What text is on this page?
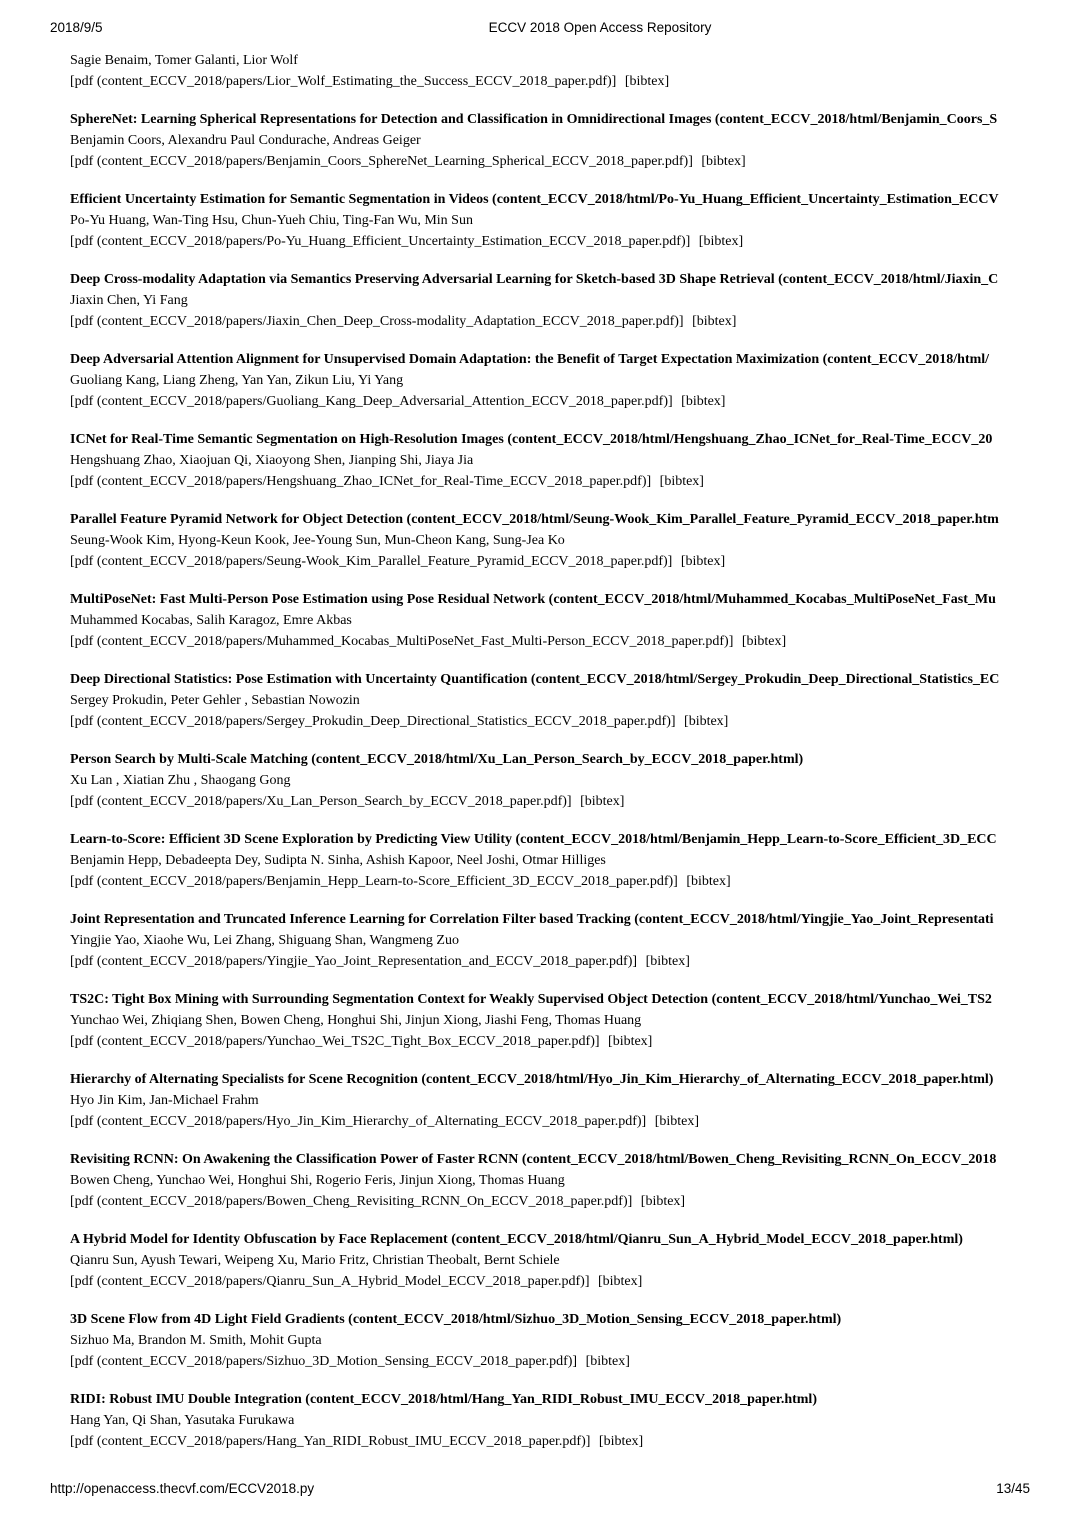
2018/9/5	ECCV 2018 Open Access Repository
Sagie Benaim, Tomer Galanti, Lior Wolf
[pdf (content_ECCV_2018/papers/Lior_Wolf_Estimating_the_Success_ECCV_2018_paper.pdf)] [bibtex]
SphereNet: Learning Spherical Representations for Detection and Classification in Omnidirectional Images (content_ECCV_2018/html/Benjamin_Coors_S
Benjamin Coors, Alexandru Paul Condurache, Andreas Geiger
[pdf (content_ECCV_2018/papers/Benjamin_Coors_SphereNet_Learning_Spherical_ECCV_2018_paper.pdf)] [bibtex]
Efficient Uncertainty Estimation for Semantic Segmentation in Videos (content_ECCV_2018/html/Po-Yu_Huang_Efficient_Uncertainty_Estimation_ECCV
Po-Yu Huang, Wan-Ting Hsu, Chun-Yueh Chiu, Ting-Fan Wu, Min Sun
[pdf (content_ECCV_2018/papers/Po-Yu_Huang_Efficient_Uncertainty_Estimation_ECCV_2018_paper.pdf)] [bibtex]
Deep Cross-modality Adaptation via Semantics Preserving Adversarial Learning for Sketch-based 3D Shape Retrieval (content_ECCV_2018/html/Jiaxin_C
Jiaxin Chen, Yi Fang
[pdf (content_ECCV_2018/papers/Jiaxin_Chen_Deep_Cross-modality_Adaptation_ECCV_2018_paper.pdf)] [bibtex]
Deep Adversarial Attention Alignment for Unsupervised Domain Adaptation: the Benefit of Target Expectation Maximization (content_ECCV_2018/html/
Guoliang Kang, Liang Zheng, Yan Yan, Zikun Liu, Yi Yang
[pdf (content_ECCV_2018/papers/Guoliang_Kang_Deep_Adversarial_Attention_ECCV_2018_paper.pdf)] [bibtex]
ICNet for Real-Time Semantic Segmentation on High-Resolution Images (content_ECCV_2018/html/Hengshuang_Zhao_ICNet_for_Real-Time_ECCV_20
Hengshuang Zhao, Xiaojuan Qi, Xiaoyong Shen, Jianping Shi, Jiaya Jia
[pdf (content_ECCV_2018/papers/Hengshuang_Zhao_ICNet_for_Real-Time_ECCV_2018_paper.pdf)] [bibtex]
Parallel Feature Pyramid Network for Object Detection (content_ECCV_2018/html/Seung-Wook_Kim_Parallel_Feature_Pyramid_ECCV_2018_paper.htm
Seung-Wook Kim, Hyong-Keun Kook, Jee-Young Sun, Mun-Cheon Kang, Sung-Jea Ko
[pdf (content_ECCV_2018/papers/Seung-Wook_Kim_Parallel_Feature_Pyramid_ECCV_2018_paper.pdf)] [bibtex]
MultiPoseNet: Fast Multi-Person Pose Estimation using Pose Residual Network (content_ECCV_2018/html/Muhammed_Kocabas_MultiPoseNet_Fast_Mu
Muhammed Kocabas, Salih Karagoz, Emre Akbas
[pdf (content_ECCV_2018/papers/Muhammed_Kocabas_MultiPoseNet_Fast_Multi-Person_ECCV_2018_paper.pdf)] [bibtex]
Deep Directional Statistics: Pose Estimation with Uncertainty Quantification (content_ECCV_2018/html/Sergey_Prokudin_Deep_Directional_Statistics_EC
Sergey Prokudin, Peter Gehler , Sebastian Nowozin
[pdf (content_ECCV_2018/papers/Sergey_Prokudin_Deep_Directional_Statistics_ECCV_2018_paper.pdf)] [bibtex]
Person Search by Multi-Scale Matching (content_ECCV_2018/html/Xu_Lan_Person_Search_by_ECCV_2018_paper.html)
Xu Lan , Xiatian Zhu , Shaogang Gong
[pdf (content_ECCV_2018/papers/Xu_Lan_Person_Search_by_ECCV_2018_paper.pdf)] [bibtex]
Learn-to-Score: Efficient 3D Scene Exploration by Predicting View Utility (content_ECCV_2018/html/Benjamin_Hepp_Learn-to-Score_Efficient_3D_ECC
Benjamin Hepp, Debadeepta Dey, Sudipta N. Sinha, Ashish Kapoor, Neel Joshi, Otmar Hilliges
[pdf (content_ECCV_2018/papers/Benjamin_Hepp_Learn-to-Score_Efficient_3D_ECCV_2018_paper.pdf)] [bibtex]
Joint Representation and Truncated Inference Learning for Correlation Filter based Tracking (content_ECCV_2018/html/Yingjie_Yao_Joint_Representati
Yingjie Yao, Xiaohe Wu, Lei Zhang, Shiguang Shan, Wangmeng Zuo
[pdf (content_ECCV_2018/papers/Yingjie_Yao_Joint_Representation_and_ECCV_2018_paper.pdf)] [bibtex]
TS2C: Tight Box Mining with Surrounding Segmentation Context for Weakly Supervised Object Detection (content_ECCV_2018/html/Yunchao_Wei_TS2
Yunchao Wei, Zhiqiang Shen, Bowen Cheng, Honghui Shi, Jinjun Xiong, Jiashi Feng, Thomas Huang
[pdf (content_ECCV_2018/papers/Yunchao_Wei_TS2C_Tight_Box_ECCV_2018_paper.pdf)] [bibtex]
Hierarchy of Alternating Specialists for Scene Recognition (content_ECCV_2018/html/Hyo_Jin_Kim_Hierarchy_of_Alternating_ECCV_2018_paper.html)
Hyo Jin Kim, Jan-Michael Frahm
[pdf (content_ECCV_2018/papers/Hyo_Jin_Kim_Hierarchy_of_Alternating_ECCV_2018_paper.pdf)] [bibtex]
Revisiting RCNN: On Awakening the Classification Power of Faster RCNN (content_ECCV_2018/html/Bowen_Cheng_Revisiting_RCNN_On_ECCV_2018
Bowen Cheng, Yunchao Wei, Honghui Shi, Rogerio Feris, Jinjun Xiong, Thomas Huang
[pdf (content_ECCV_2018/papers/Bowen_Cheng_Revisiting_RCNN_On_ECCV_2018_paper.pdf)] [bibtex]
A Hybrid Model for Identity Obfuscation by Face Replacement (content_ECCV_2018/html/Qianru_Sun_A_Hybrid_Model_ECCV_2018_paper.html)
Qianru Sun, Ayush Tewari, Weipeng Xu, Mario Fritz, Christian Theobalt, Bernt Schiele
[pdf (content_ECCV_2018/papers/Qianru_Sun_A_Hybrid_Model_ECCV_2018_paper.pdf)] [bibtex]
3D Scene Flow from 4D Light Field Gradients (content_ECCV_2018/html/Sizhuo_3D_Motion_Sensing_ECCV_2018_paper.html)
Sizhuo Ma, Brandon M. Smith, Mohit Gupta
[pdf (content_ECCV_2018/papers/Sizhuo_3D_Motion_Sensing_ECCV_2018_paper.pdf)] [bibtex]
RIDI: Robust IMU Double Integration (content_ECCV_2018/html/Hang_Yan_RIDI_Robust_IMU_ECCV_2018_paper.html)
Hang Yan, Qi Shan, Yasutaka Furukawa
[pdf (content_ECCV_2018/papers/Hang_Yan_RIDI_Robust_IMU_ECCV_2018_paper.pdf)] [bibtex]
http://openaccess.thecvf.com/ECCV2018.py	13/45
